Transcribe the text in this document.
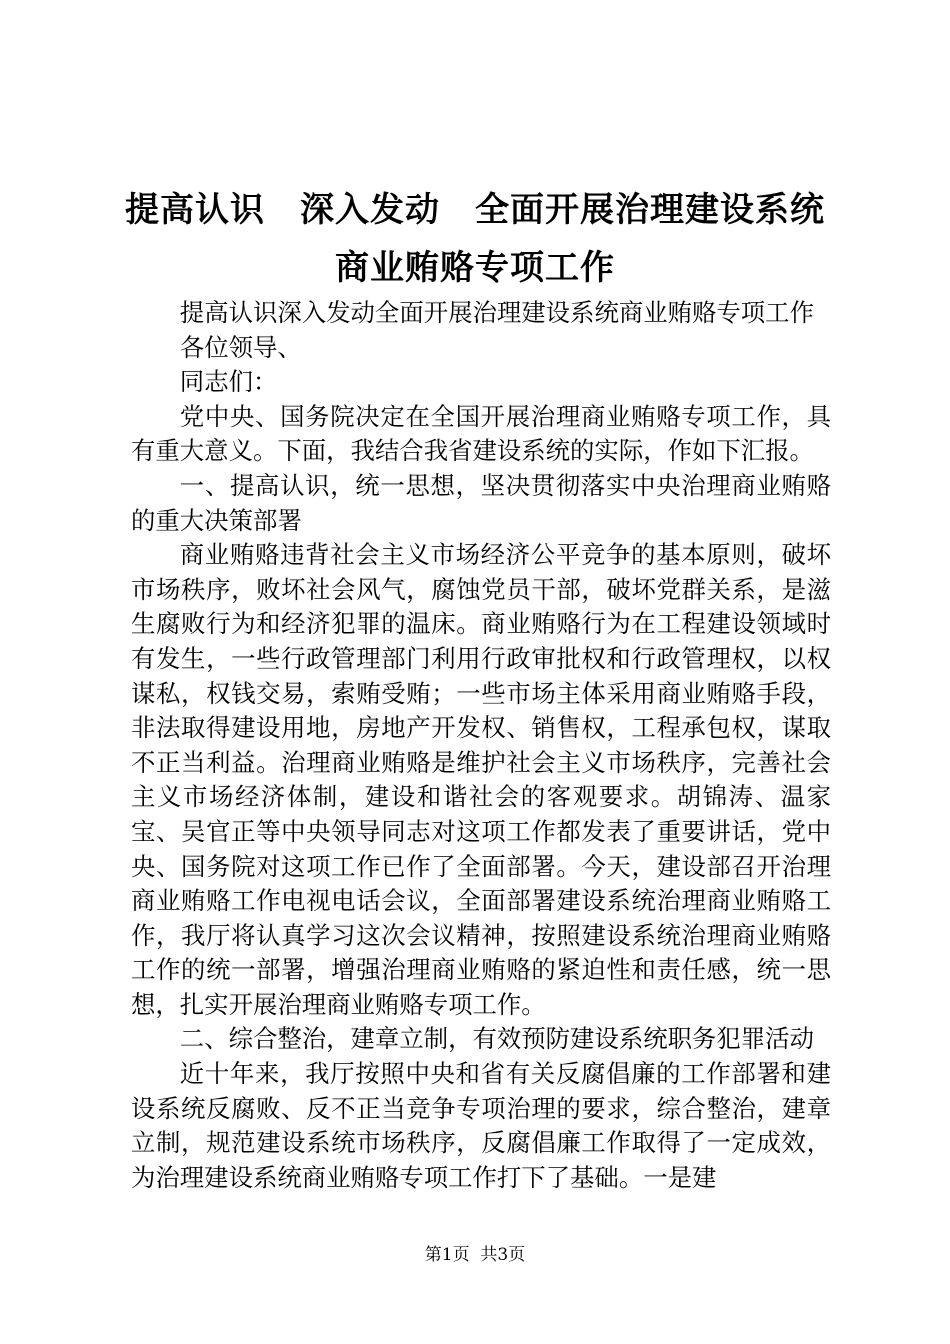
提高认识　深入发动　全面开展治理建设系统
商业贿赂专项工作

提高认识深入发动全面开展治理建设系统商业贿赂专项工作

各位领导、

同志们：

党中央、国务院决定在全国开展治理商业贿赂专项工作，具有重大意义。下面，我结合我省建设系统的实际，作如下汇报。

一、提高认识，统一思想，坚决贯彻落实中央治理商业贿赂的重大决策部署

商业贿赂违背社会主义市场经济公平竞争的基本原则，破坏市场秩序，败坏社会风气，腐蚀党员干部，破坏党群关系，是滋生腐败行为和经济犯罪的温床。商业贿赂行为在工程建设领域时有发生，一些行政管理部门利用行政审批权和行政管理权，以权谋私，权钱交易，索贿受贿；一些市场主体采用商业贿赂手段，非法取得建设用地，房地产开发权、销售权，工程承包权，谋取不正当利益。治理商业贿赂是维护社会主义市场秩序，完善社会主义市场经济体制，建设和谐社会的客观要求。胡锦涛、温家宝、吴官正等中央领导同志对这项工作都发表了重要讲话，党中央、国务院对这项工作已作了全面部署。今天，建设部召开治理商业贿赂工作电视电话会议，全面部署建设系统治理商业贿赂工作，我厅将认真学习这次会议精神，按照建设系统治理商业贿赂工作的统一部署，增强治理商业贿赂的紧迫性和责任感，统一思想，扎实开展治理商业贿赂专项工作。

二、综合整治，建章立制，有效预防建设系统职务犯罪活动

近十年来，我厅按照中央和省有关反腐倡廉的工作部署和建设系统反腐败、反不正当竞争专项治理的要求，综合整治，建章立制，规范建设系统市场秩序，反腐倡廉工作取得了一定成效，为治理建设系统商业贿赂专项工作打下了基础。一是建

第1页  共3页
